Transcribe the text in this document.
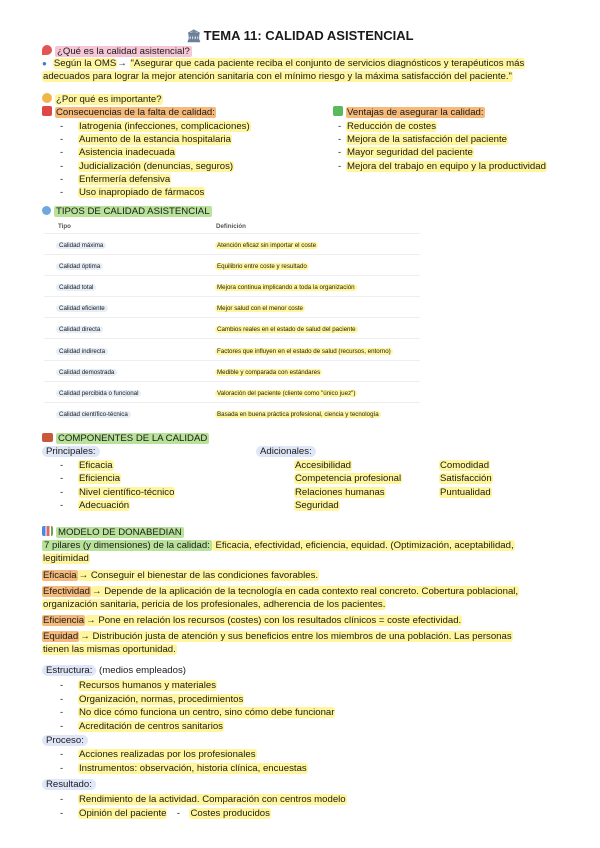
🏛 TEMA 11: CALIDAD ASISTENCIAL
¿Qué es la calidad asistencial?
● Según la OMS→ "Asegurar que cada paciente reciba el conjunto de servicios diagnósticos y terapéuticos más
adecuados para lograr la mejor atención sanitaria con el mínimo riesgo y la máxima satisfacción del paciente."
¿Por qué es importante?
Consecuencias de la falta de calidad:
- Iatrogenia (infecciones, complicaciones)
- Aumento de la estancia hospitalaria
- Asistencia inadecuada
- Judicialización (denuncias, seguros)
- Enfermería defensiva
- Uso inapropiado de fármacos
Ventajas de asegurar la calidad:
- Reducción de costes
- Mejora de la satisfacción del paciente
- Mayor seguridad del paciente
- Mejora del trabajo en equipo y la productividad
TIPOS DE CALIDAD ASISTENCIAL
Tipo	Definición
Calidad máxima	Atención eficaz sin importar el coste
Calidad óptima	Equilibrio entre coste y resultado
Calidad total	Mejora continua implicando a toda la organización
Calidad eficiente	Mejor salud con el menor coste
Calidad directa	Cambios reales en el estado de salud del paciente
Calidad indirecta	Factores que influyen en el estado de salud (recursos, entorno)
Calidad demostrada	Medible y comparada con estándares
Calidad percibida o funcional	Valoración del paciente (cliente como "único juez")
Calidad científico-técnica	Basada en buena práctica profesional, ciencia y tecnología
COMPONENTES DE LA CALIDAD
Principales:
- Eficacia
- Eficiencia
- Nivel científico-técnico
- Adecuación
Adicionales:
Accesibilidad
Competencia profesional
Relaciones humanas
Seguridad
Comodidad
Satisfacción
Puntualidad
MODELO DE DONABEDIAN
7 pilares (y dimensiones) de la calidad: Eficacia, efectividad, eficiencia, equidad. (Optimización, aceptabilidad,
legitimidad
Eficacia → Conseguir el bienestar de las condiciones favorables.
Efectividad → Depende de la aplicación de la tecnología en cada contexto real concreto. Cobertura poblacional,
organización sanitaria, pericia de los profesionales, adherencia de los pacientes.
Eficiencia → Pone en relación los recursos (costes) con los resultados clínicos = coste efectividad.
Equidad → Distribución justa de atención y sus beneficios entre los miembros de una población. Las personas
tienen las mismas oportunidad.
Estructura: (medios empleados)
- Recursos humanos y materiales
- Organización, normas, procedimientos
- No dice cómo funciona un centro, sino cómo debe funcionar
- Acreditación de centros sanitarios
Proceso:
- Acciones realizadas por los profesionales
- Instrumentos: observación, historia clínica, encuestas
Resultado:
- Rendimiento de la actividad. Comparación con centros modelo
- Opinión del paciente - Costes producidos
